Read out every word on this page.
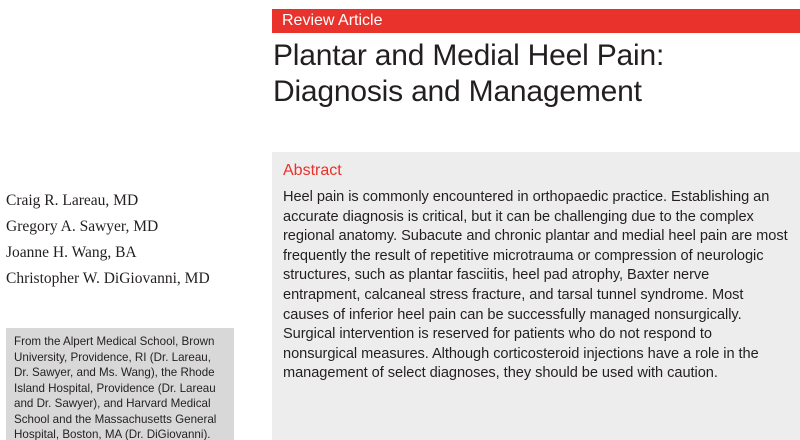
Review Article
Plantar and Medial Heel Pain:
Diagnosis and Management
Craig R. Lareau, MD
Gregory A. Sawyer, MD
Joanne H. Wang, BA
Christopher W. DiGiovanni, MD
From the Alpert Medical School, Brown University, Providence, RI (Dr. Lareau, Dr. Sawyer, and Ms. Wang), the Rhode Island Hospital, Providence (Dr. Lareau and Dr. Sawyer), and Harvard Medical School and the Massachusetts General Hospital, Boston, MA (Dr. DiGiovanni).
Abstract

Heel pain is commonly encountered in orthopaedic practice. Establishing an accurate diagnosis is critical, but it can be challenging due to the complex regional anatomy. Subacute and chronic plantar and medial heel pain are most frequently the result of repetitive microtrauma or compression of neurologic structures, such as plantar fasciitis, heel pad atrophy, Baxter nerve entrapment, calcaneal stress fracture, and tarsal tunnel syndrome. Most causes of inferior heel pain can be successfully managed nonsurgically. Surgical intervention is reserved for patients who do not respond to nonsurgical measures. Although corticosteroid injections have a role in the management of select diagnoses, they should be used with caution.
